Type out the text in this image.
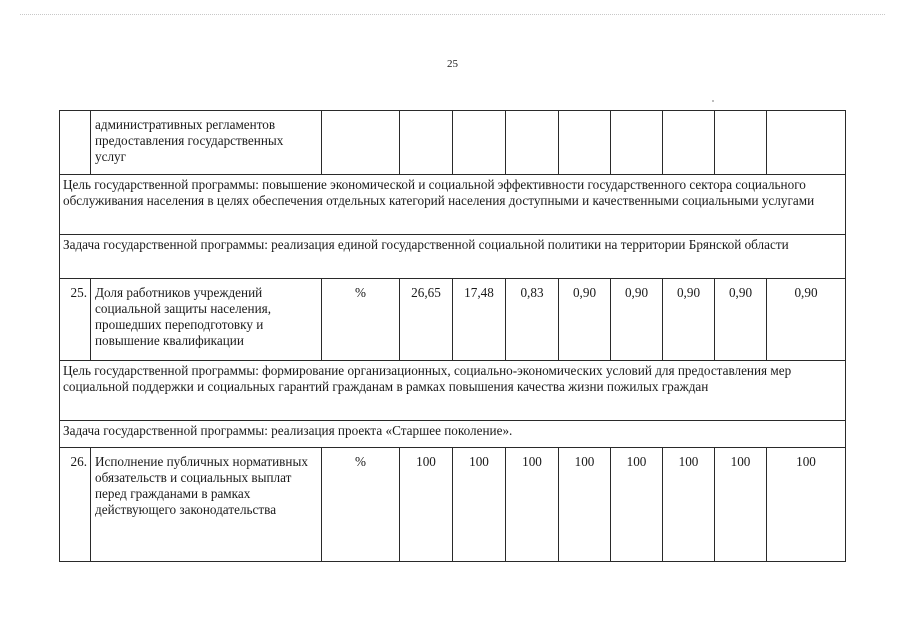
25
	административных регламентов предоставления государственных услуг									
Цель государственной программы: повышение экономической и социальной эффективности государственного сектора социального обслуживания населения в целях обеспечения отдельных категорий населения доступными и качественными социальными услугами										
Задача государственной программы: реализация единой государственной социальной политики на территории Брянской области										
25.	Доля работников учреждений социальной защиты населения, прошедших переподготовку и повышение квалификации	%	26,65	17,48	0,83	0,90	0,90	0,90	0,90	0,90
Цель государственной программы: формирование организационных, социально-экономических условий для предоставления мер социальной поддержки и социальных гарантий гражданам в рамках повышения качества жизни пожилых граждан										
Задача государственной программы: реализация проекта «Старшее поколение».										
26.	Исполнение публичных нормативных обязательств и социальных выплат перед гражданами в рамках действующего законодательства	%	100	100	100	100	100	100	100	100
